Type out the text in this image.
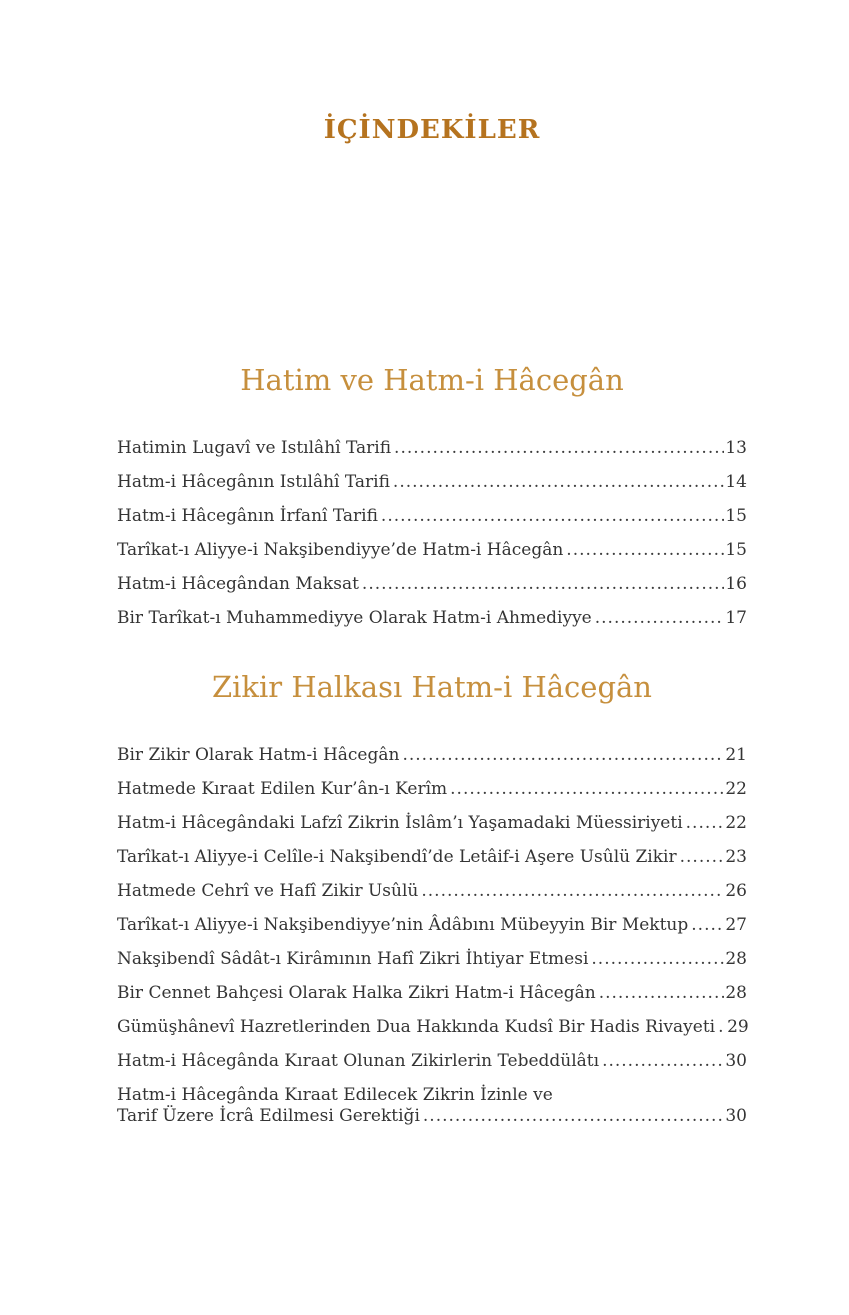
İÇİNDEKİLER
Hatim ve Hatm-i Hâcegân
Hatimin Lugavî ve Istılâhî Tarifi .....	13
Hatm-i Hâcegânın Istılâhî Tarifi .....	14
Hatm-i Hâcegânın İrfanî Tarifi .....	15
Tarîkat-ı Aliyye-i Nakşibendiyye’de Hatm-i Hâcegân .....	15
Hatm-i Hâcegândan Maksat .....	16
Bir Tarîkat-ı Muhammediyye Olarak Hatm-i Ahmediyye .....	17
Zikir Halkası Hatm-i Hâcegân
Bir Zikir Olarak Hatm-i Hâcegân .....	21
Hatmede Kıraat Edilen Kur’ân-ı Kerîm .....	22
Hatm-i Hâcegândaki Lafzî Zikrin İslâm’ı Yaşamadaki Müessiriyeti .....	22
Tarîkat-ı Aliyye-i Celîle-i Nakşibendî’de Letâif-i Aşere Usûlü Zikir .....	23
Hatmede Cehrî ve Hafî Zikir Usûlü .....	26
Tarîkat-ı Aliyye-i Nakşibendiyye’nin Âdâbını Mübeyyin Bir Mektup ..... 27
Nakşibendî Sâdât-ı Kirâmının Hafî Zikri İhtiyar Etmesi .....	28
Bir Cennet Bahçesi Olarak Halka Zikri Hatm-i Hâcegân .....	28
Gümüşhânevî Hazretlerinden Dua Hakkında Kudsî Bir Hadis Rivayeti ..... 29
Hatm-i Hâcegânda Kıraat Olunan Zikirlerin Tebeddülâtı .....	30
Hatm-i Hâcegânda Kıraat Edilecek Zikrin İzinle ve
Tarif Üzere İcrâ Edilmesi Gerektiği .....	30
